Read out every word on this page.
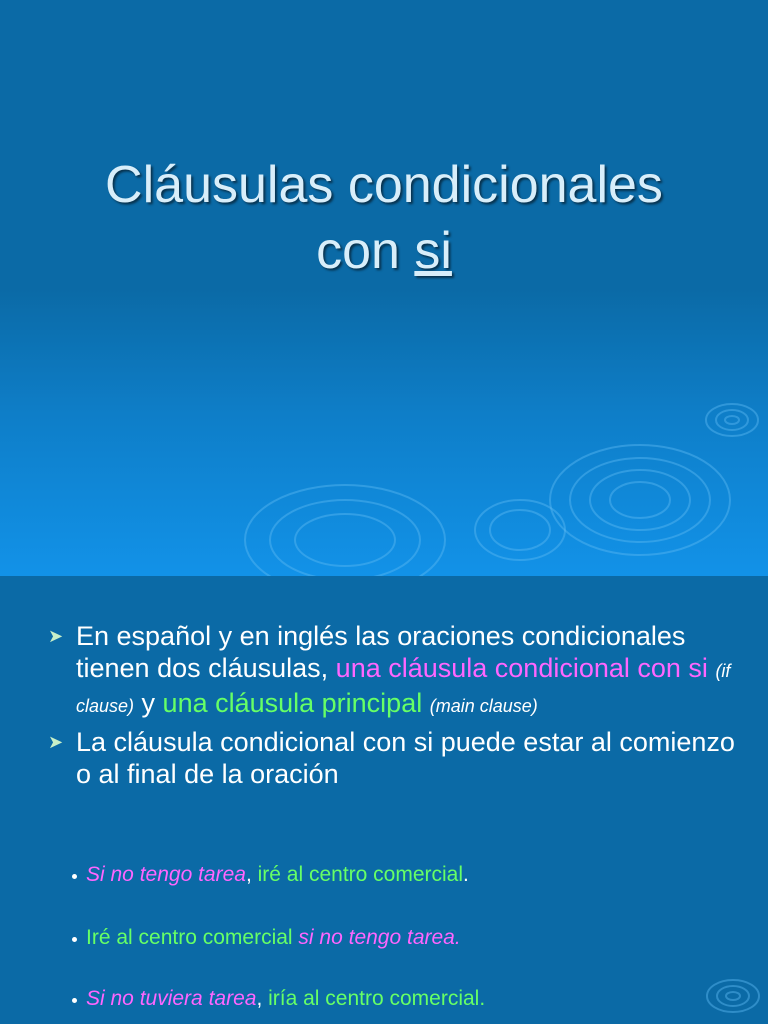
Cláusulas condicionales
con si
➤ En español y en inglés las oraciones condicionales tienen dos cláusulas, una cláusula condicional con si (if clause) y una cláusula principal (main clause)
➤ La cláusula condicional con si puede estar al comienzo o al final de la oración
Si no tengo tarea, iré al centro comercial.
Iré al centro comercial si no tengo tarea.
Si no tuviera tarea, iría al centro comercial.
